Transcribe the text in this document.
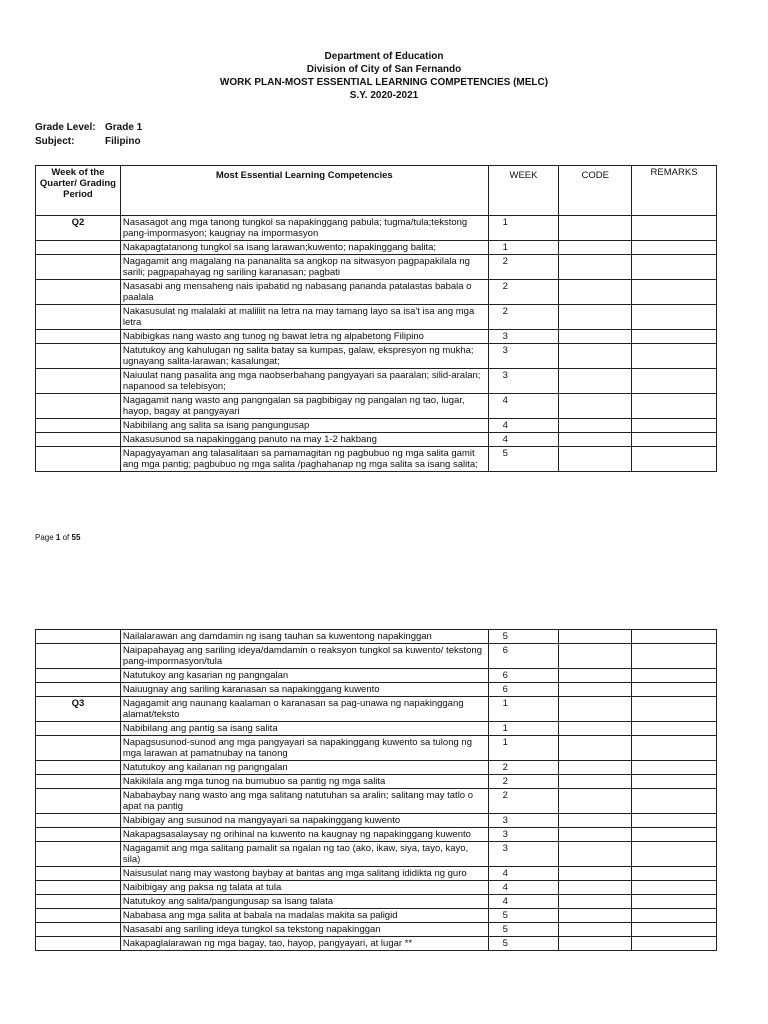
Department of Education
Division of City of San Fernando
WORK PLAN-MOST ESSENTIAL LEARNING COMPETENCIES (MELC)
S.Y. 2020-2021
Grade Level: Grade 1
Subject:	Filipino
Week of the Quarter/ Grading Period	Most Essential Learning Competencies	WEEK	CODE	REMARKS
Q2	Nasasagot ang mga tanong tungkol sa napakinggang pabula; tugma/tula;tekstong pang-impormasyon; kaugnay na impormasyon	1		
	Nakapagtatanong tungkol sa isang larawan;kuwento; napakinggang balita;	1		
	Nagagamit ang magalang na pananalita sa angkop na sitwasyon pagpapakilala ng sarili; pagpapahayag ng sariling karanasan; pagbati	2		
	Nasasabi ang mensaheng nais ipabatid ng nabasang pananda patalastas babala o paalala	2		
	Nakasusulat ng malalaki at maliliit na letra na may tamang layo sa isa't isa ang mga letra	2		
	Nabibigkas nang wasto ang tunog ng bawat letra ng alpabetong Filipino	3		
	Natutukoy ang kahulugan ng salita batay sa kumpas, galaw, ekspresyon ng mukha; ugnayang salita-larawan; kasalungat;	3		
	Naiuulat nang pasalita ang mga naobserbahang pangyayari sa paaralan; silid-aralan; napanood sa telebisyon;	3		
	Nagagamit nang wasto ang pangngalan sa pagbibigay ng pangalan ng tao, lugar, hayop, bagay at pangyayari	4		
	Nabibilang ang salita sa isang pangungusap	4		
	Nakasusunod sa napakinggang panuto na may 1-2 hakbang	4		
	Napagyayaman ang talasalitaan sa pamamagitan ng pagbubuo ng mga salita gamit ang mga pantig; pagbubuo ng mga salita /paghahanap ng mga salita sa isang salita;	5		
Page 1 of 55
	Nailalarawan ang damdamin ng isang tauhan sa kuwentong napakinggan	5		
	Naipapahayag ang sariling ideya/damdamin o reaksyon tungkol sa kuwento/ tekstong pang-impormasyon/tula	6		
	Natutukoy ang kasarian ng pangngalan	6		
	Naiuugnay ang sariling karanasan sa napakinggang kuwento	6		
Q3	Nagagamit ang naunang kaalaman o karanasan sa pag-unawa ng napakinggang alamat/teksto	1		
	Nabibilang ang pantig sa isang salita	1		
	Napagsusunod-sunod ang mga pangyayari sa napakinggang kuwento sa tulong ng mga larawan at pamatnubay na tanong	1		
	Natutukoy ang kailanan ng pangngalan	2		
	Nakikilala ang mga tunog na bumubuo sa pantig ng mga salita	2		
	Nababaybay nang wasto ang mga salitang natutuhan sa aralin; salitang may tatlo o apat na pantig	2		
	Nabibigay ang susunod na mangyayari sa napakinggang kuwento	3		
	Nakapagsasalaysay ng orihinal na kuwento na kaugnay ng napakinggang kuwento	3		
	Nagagamit ang mga salitang pamalit sa ngalan ng tao (ako, ikaw, siya, tayo, kayo, sila)	3		
	Naisusulat nang may wastong baybay at bantas ang mga salitang ididikta ng guro	4		
	Naibibigay ang paksa ng talata at tula	4		
	Natutukoy ang salita/pangungusap sa isang talata	4		
	Nababasa ang mga salita at babala na madalas makita sa paligid	5		
	Nasasabi ang sariling ideya tungkol sa tekstong napakinggan	5		
	Nakapaglalarawan ng mga bagay, tao, hayop, pangyayari, at lugar **	5		
